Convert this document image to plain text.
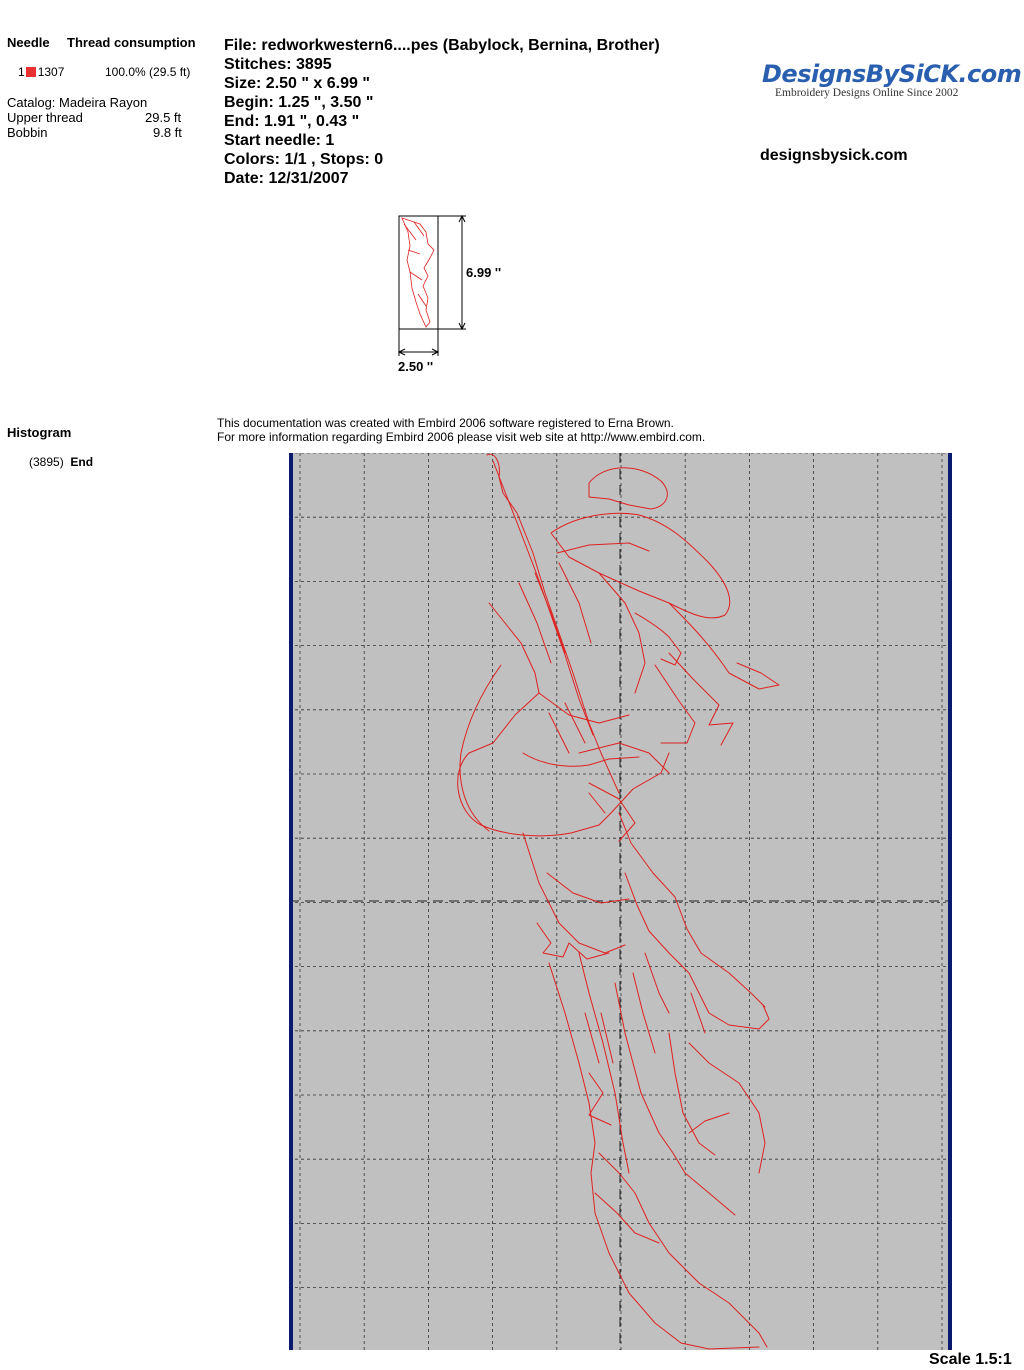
Needle Thread consumption
1 1307	100.0% (29.5 ft)
Catalog: Madeira Rayon
Upper thread	29.5 ft
Bobbin	9.8 ft
Histogram
(3895) End
File: redworkwestern6....pes (Babylock, Bernina, Brother)
Stitches: 3895
Size: 2.50 " x 6.99 "
Begin: 1.25 ", 3.50 "
End: 1.91 ", 0.43 "
Start needle: 1
Colors: 1/1 , Stops: 0
Date: 12/31/2007
DesignsBySiCK.com
Embroidery Designs Online Since 2002
designsbysick.com
6.99 ''
2.50 ''
This documentation was created with Embird 2006 software registered to Erna Brown.
For more information regarding Embird 2006 please visit web site at http://www.embird.com.
Scale 1.5:1
